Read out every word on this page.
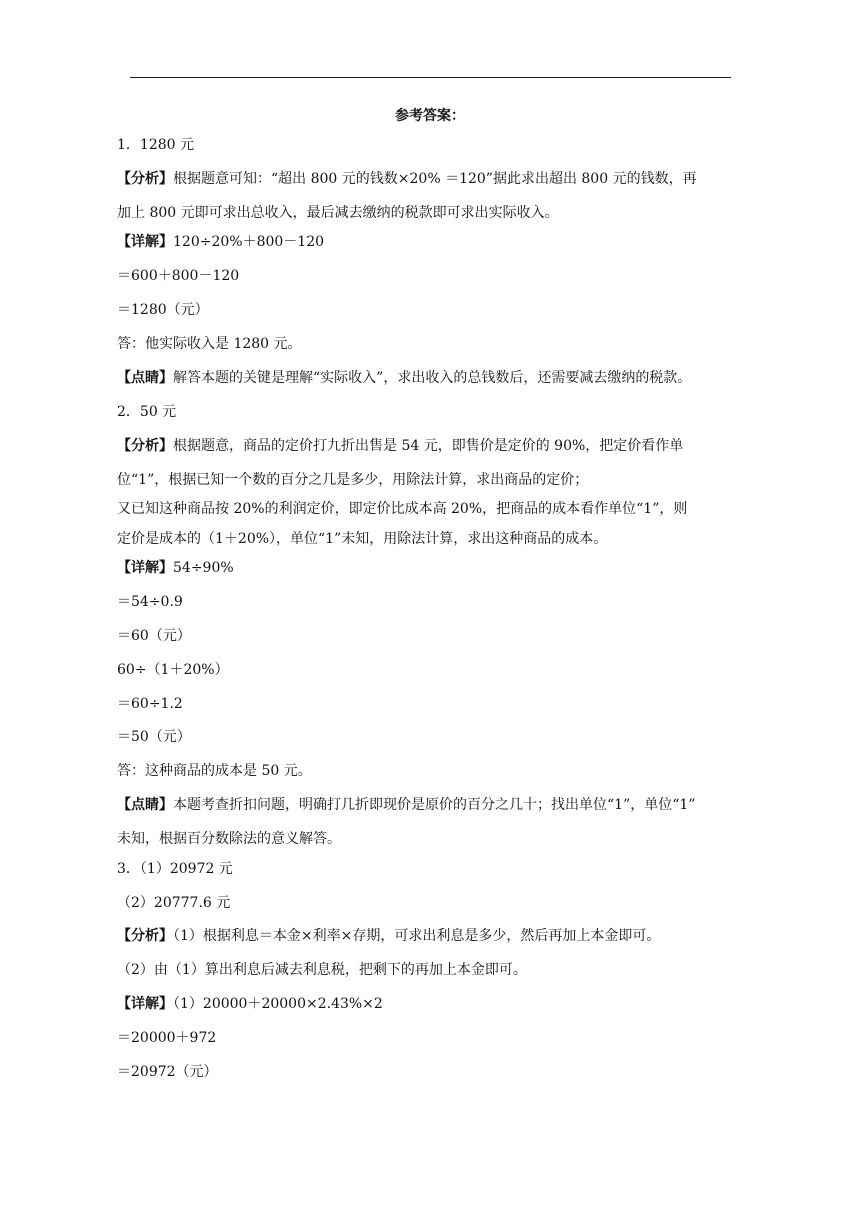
参考答案：
1．1280 元
【分析】根据题意可知：“超出 800 元的钱数×20% ＝120”据此求出超出 800 元的钱数，再
加上 800 元即可求出总收入，最后减去缴纳的税款即可求出实际收入。
【详解】120÷20%＋800－120
＝600＋800－120
＝1280（元）
答：他实际收入是 1280 元。
【点睛】解答本题的关键是理解“实际收入”，求出收入的总钱数后，还需要减去缴纳的税款。
2．50 元
【分析】根据题意，商品的定价打九折出售是 54 元，即售价是定价的 90%，把定价看作单
位“1”，根据已知一个数的百分之几是多少，用除法计算，求出商品的定价；
又已知这种商品按 20%的利润定价，即定价比成本高 20%，把商品的成本看作单位“1”，则
定价是成本的（1＋20%），单位“1”未知，用除法计算，求出这种商品的成本。
【详解】54÷90%
＝54÷0.9
＝60（元）
60÷（1＋20%）
＝60÷1.2
＝50（元）
答：这种商品的成本是 50 元。
【点睛】本题考查折扣问题，明确打几折即现价是原价的百分之几十；找出单位“1”，单位“1”
未知，根据百分数除法的意义解答。
3．（1）20972 元
（2）20777.6 元
【分析】（1）根据利息＝本金×利率×存期，可求出利息是多少，然后再加上本金即可。
（2）由（1）算出利息后减去利息税，把剩下的再加上本金即可。
【详解】（1）20000＋20000×2.43%×2
＝20000＋972
＝20972（元）
